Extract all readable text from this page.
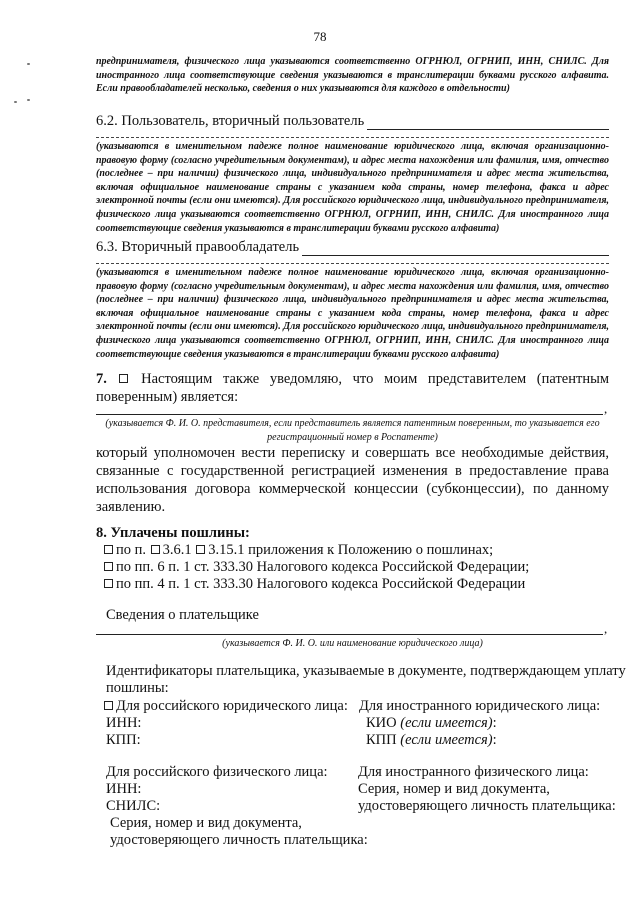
78
предпринимателя, физического лица указываются соответственно ОГРНЮЛ, ОГРНИП, ИНН, СНИЛС. Для иностранного лица соответствующие сведения указываются в транслитерации буквами русского алфавита. Если правообладателей несколько, сведения о них указываются для каждого в отдельности)
6.2. Пользователь, вторичный пользователь
(указываются в именительном падеже полное наименование юридического лица, включая организационно-правовую форму (согласно учредительным документам), и адрес места нахождения или фамилия, имя, отчество (последнее – при наличии) физического лица, индивидуального предпринимателя и адрес места жительства, включая официальное наименование страны с указанием кода страны, номер телефона, факса и адрес электронной почты (если они имеются). Для российского юридического лица, индивидуального предпринимателя, физического лица указываются соответственно ОГРНЮЛ, ОГРНИП, ИНН, СНИЛС. Для иностранного лица соответствующие сведения указываются в транслитерации буквами русского алфавита)
6.3. Вторичный правообладатель
(указываются в именительном падеже полное наименование юридического лица, включая организационно-правовую форму (согласно учредительным документам), и адрес места нахождения или фамилия, имя, отчество (последнее – при наличии) физического лица, индивидуального предпринимателя и адрес места жительства, включая официальное наименование страны с указанием кода страны, номер телефона, факса и адрес электронной почты (если они имеются). Для российского юридического лица, индивидуального предпринимателя, физического лица указываются соответственно ОГРНЮЛ, ОГРНИП, ИНН, СНИЛС. Для иностранного лица соответствующие сведения указываются в транслитерации буквами русского алфавита)
7. Настоящим также уведомляю, что моим представителем (патентным поверенным) является:
,
(указывается Ф. И. О. представителя, если представитель является патентным поверенным, то указывается его регистрационный номер в Роспатенте)
который уполномочен вести переписку и совершать все необходимые действия, связанные с государственной регистрацией изменения в предоставление права использования договора коммерческой концессии (субконцессии), по данному заявлению.
8. Уплачены пошлины:
по п. 3.6.1 3.15.1 приложения к Положению о пошлинах;
по пп. 6 п. 1 ст. 333.30 Налогового кодекса Российской Федерации;
по пп. 4 п. 1 ст. 333.30 Налогового кодекса Российской Федерации
Сведения о плательщике
,
(указывается Ф. И. О. или наименование юридического лица)
Идентификаторы плательщика, указываемые в документе, подтверждающем уплату
пошлины:
Для российского юридического лица:
ИНН:
КПП:
Для иностранного юридического лица:
КИО (если имеется):
КПП (если имеется):
Для российского физического лица:
ИНН:
СНИЛС:
Серия, номер и вид документа,
удостоверяющего личность плательщика:
Для иностранного физического лица:
Серия, номер и вид документа,
удостоверяющего личность плательщика:
